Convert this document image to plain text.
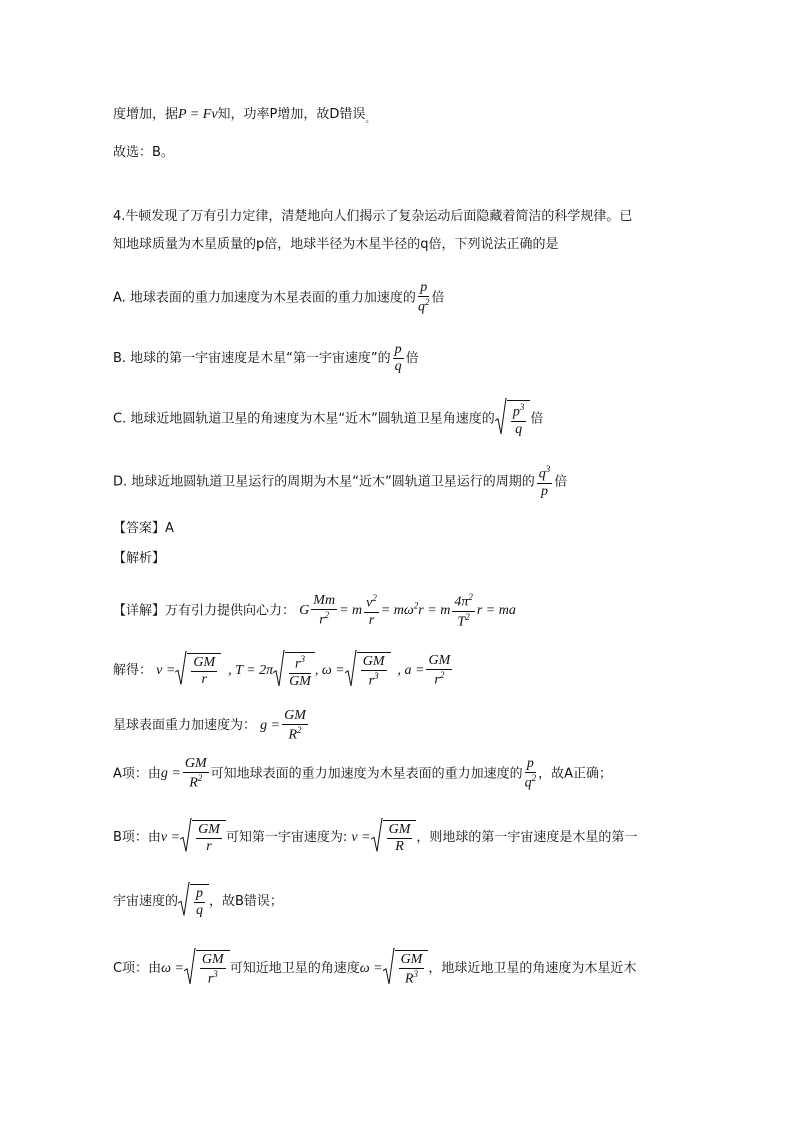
度增加，据P = Fv知，功率P增加，故D错误$_。$
故选：B。
4.牛顿发现了万有引力定律，清楚地向人们揭示了复杂运动后面隐藏着简洁的科学规律。已
知地球质量为木星质量的p倍，地球半径为木星半径的q倍，下列说法正确的是
A. 地球表面的重力加速度为木星表面的重力加速度的 $\frac{p}{q^2}$ 倍
B. 地球的第一宇宙速度是木星“第一宇宙速度”的 $\frac{p}{q}$ 倍
C. 地球近地圆轨道卫星的角速度为木星“近木”圆轨道卫星角速度的 $\frac{p^3}{q}$ 倍
D. 地球近地圆轨道卫星运行的周期为木星“近木”圆轨道卫星运行的周期的 $\frac{q^3}{p}$ 倍
【答案】A
【解析】
【详解】万有引力提供向心力： G $\frac{Mm}{r^2} = m \frac{v^2}{r} = m\omega^2r = m \frac{4\pi^2}{T^2}$ r = ma
解得： $v = \frac{GM}{r}$ , $T = 2\pi \frac{r^3}{GM}$ , $\omega = \frac{GM}{r^3}$ , $a = \frac{GM}{r^2}$
星球表面重力加速度为： $g = \frac{GM}{R^2}$
A项：由$g = \frac{GM}{R^2}$ 可知地球表面的重力加速度为木星表面的重力加速度的 $\frac{p}{q^2}$ ，故A正确；
B项：由$v = \frac{GM}{r}$ 可知第一宇宙速度为: $v = \frac{GM}{R}$ ，则地球的第一宇宙速度是木星的第一
宇宙速度的 $\frac{p}{q}$ ，故B错误；
C项：由$\omega = \frac{GM}{r^3}$ 可知近地卫星的角速度$\omega = \frac{GM}{R^3}$ ，地球近地卫星的角速度为木星近木
